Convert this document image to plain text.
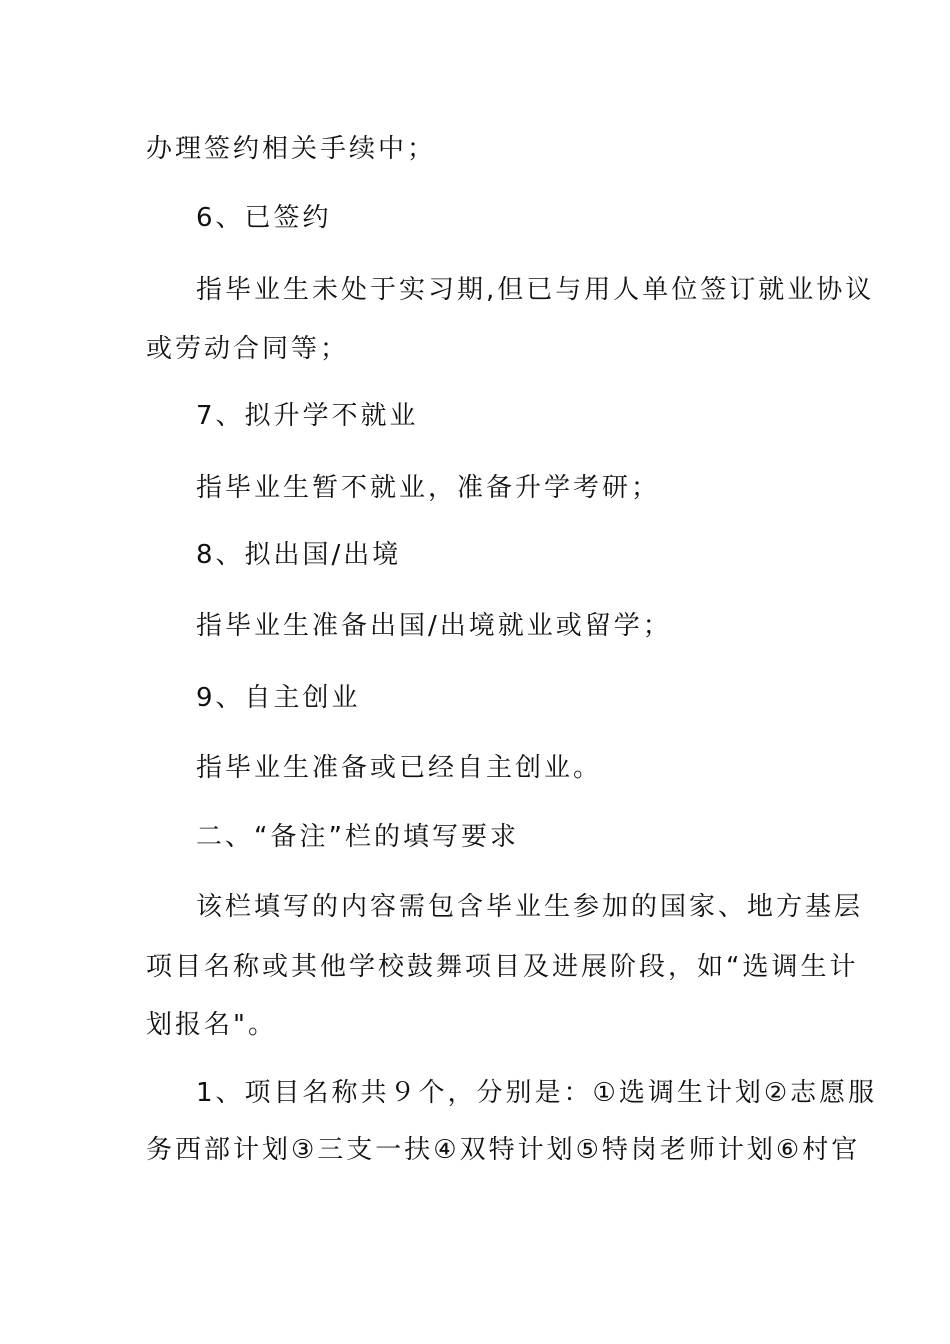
办理签约相关手续中；
6、已签约
指毕业生未处于实习期,但已与用人单位签订就业协议
或劳动合同等；
7、拟升学不就业
指毕业生暂不就业，准备升学考研；
8、拟出国/出境
指毕业生准备出国/出境就业或留学；
9、自主创业
指毕业生准备或已经自主创业。
二、“备注”栏的填写要求
该栏填写的内容需包含毕业生参加的国家、地方基层
项目名称或其他学校鼓舞项目及进展阶段，如“选调生计
划报名"。
1、项目名称共９个，分别是：①选调生计划②志愿服
务西部计划③三支一扶④双特计划⑤特岗老师计划⑥村官
